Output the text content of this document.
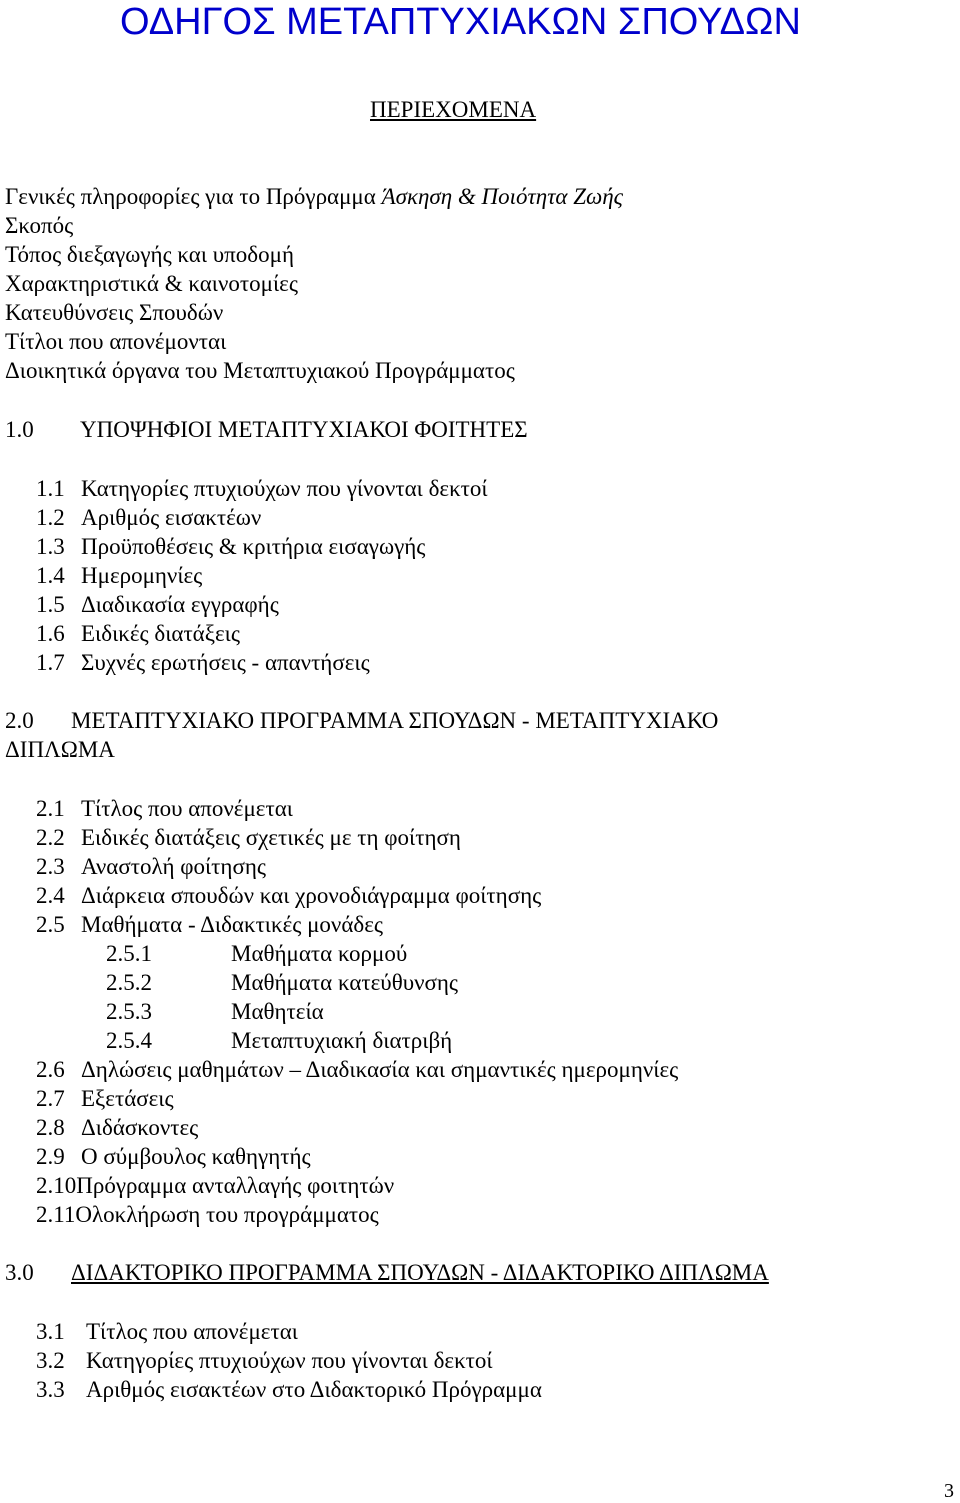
ΟΔΗΓΟΣ ΜΕΤΑΠΤΥΧΙΑΚΩΝ ΣΠΟΥΔΩΝ
ΠΕΡΙΕΧΟΜΕΝΑ
Γενικές πληροφορίες για το Πρόγραμμα Άσκηση & Ποιότητα Ζωής
Σκοπός
Τόπος διεξαγωγής και υποδομή
Χαρακτηριστικά & καινοτομίες
Κατευθύνσεις Σπουδών
Τίτλοι που απονέμονται
Διοικητικά όργανα του Μεταπτυχιακού Προγράμματος
1.0 ΥΠΟΨΗΦΙΟΙ ΜΕΤΑΠΤΥΧΙΑΚΟΙ ΦΟΙΤΗΤΕΣ
1.1 Κατηγορίες πτυχιούχων που γίνονται δεκτοί
1.2 Αριθμός εισακτέων
1.3 Προϋποθέσεις & κριτήρια εισαγωγής
1.4 Ημερομηνίες
1.5 Διαδικασία εγγραφής
1.6 Ειδικές διατάξεις
1.7 Συχνές ερωτήσεις - απαντήσεις
2.0 ΜΕΤΑΠΤΥΧΙΑΚΟ ΠΡΟΓΡΑΜΜΑ ΣΠΟΥΔΩΝ - ΜΕΤΑΠΤΥΧΙΑΚΟ
ΔΙΠΛΩΜΑ
2.1 Τίτλος που απονέμεται
2.2 Ειδικές διατάξεις σχετικές με τη φοίτηση
2.3 Αναστολή φοίτησης
2.4 Διάρκεια σπουδών και χρονοδιάγραμμα φοίτησης
2.5 Μαθήματα - Διδακτικές μονάδες
2.5.1	Μαθήματα κορμού
2.5.2	Μαθήματα κατεύθυνσης
2.5.3	Μαθητεία
2.5.4	Μεταπτυχιακή διατριβή
2.6 Δηλώσεις μαθημάτων – Διαδικασία και σημαντικές ημερομηνίες
2.7 Εξετάσεις
2.8 Διδάσκοντες
2.9 Ο σύμβουλος καθηγητής
2.10Πρόγραμμα ανταλλαγής φοιτητών
2.11Ολοκλήρωση του προγράμματος
3.0 ΔΙΔΑΚΤΟΡΙΚΟ ΠΡΟΓΡΑΜΜΑ ΣΠΟΥΔΩΝ - ΔΙΔΑΚΤΟΡΙΚΟ ΔΙΠΛΩΜΑ
3.1 Τίτλος που απονέμεται
3.2 Κατηγορίες πτυχιούχων που γίνονται δεκτοί
3.3 Αριθμός εισακτέων στο Διδακτορικό Πρόγραμμα
3
